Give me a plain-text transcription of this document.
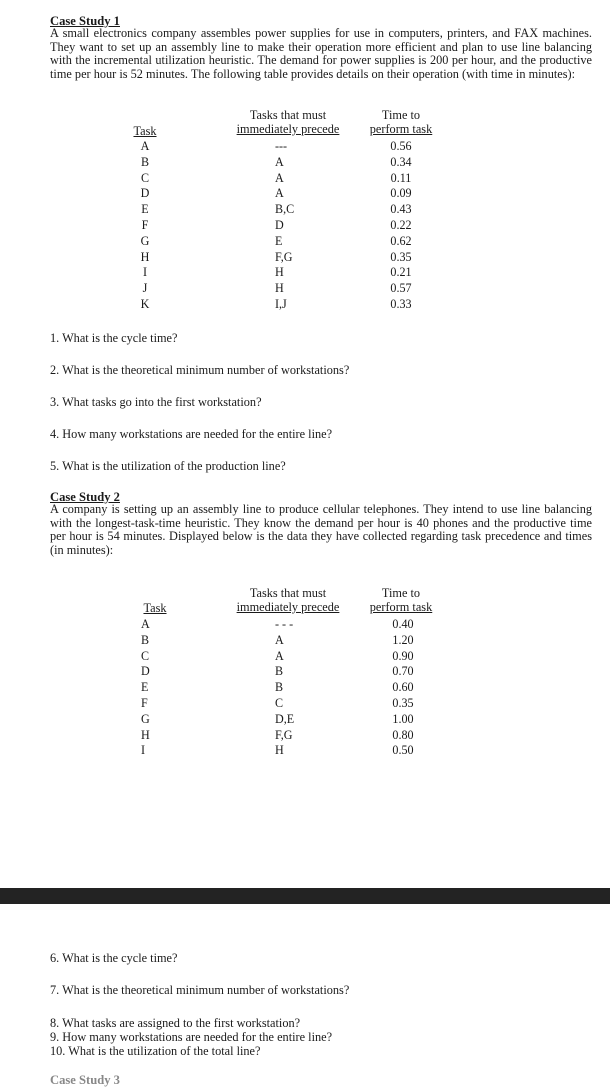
Case Study 1
A small electronics company assembles power supplies for use in computers, printers, and FAX machines. They want to set up an assembly line to make their operation more efficient and plan to use line balancing with the incremental utilization heuristic. The demand for power supplies is 200 per hour, and the productive time per hour is 52 minutes. The following table provides details on their operation (with time in minutes):
Task
Tasks that must
immediately precede
Time to
perform task
A
B
C
D
E
F
G
H
I
J
K
---
A
A
A
B,C
D
E
F,G
H
H
I,J
0.56
0.34
0.11
0.09
0.43
0.22
0.62
0.35
0.21
0.57
0.33
1. What is the cycle time?
2. What is the theoretical minimum number of workstations?
3. What tasks go into the first workstation?
4. How many workstations are needed for the entire line?
5. What is the utilization of the production line?
Case Study 2
A company is setting up an assembly line to produce cellular telephones. They intend to use line balancing with the longest-task-time heuristic. They know the demand per hour is 40 phones and the productive time per hour is 54 minutes. Displayed below is the data they have collected regarding task precedence and times (in minutes):
Task
Tasks that must
immediately precede
Time to
perform task
A
B
C
D
E
F
G
H
I
- - -
A
A
B
B
C
D,E
F,G
H
0.40
1.20
0.90
0.70
0.60
0.35
1.00
0.80
0.50
6. What is the cycle time?
7. What is the theoretical minimum number of workstations?
8. What tasks are assigned to the first workstation?
9. How many workstations are needed for the entire line?
10. What is the utilization of the total line?
Case Study 3
